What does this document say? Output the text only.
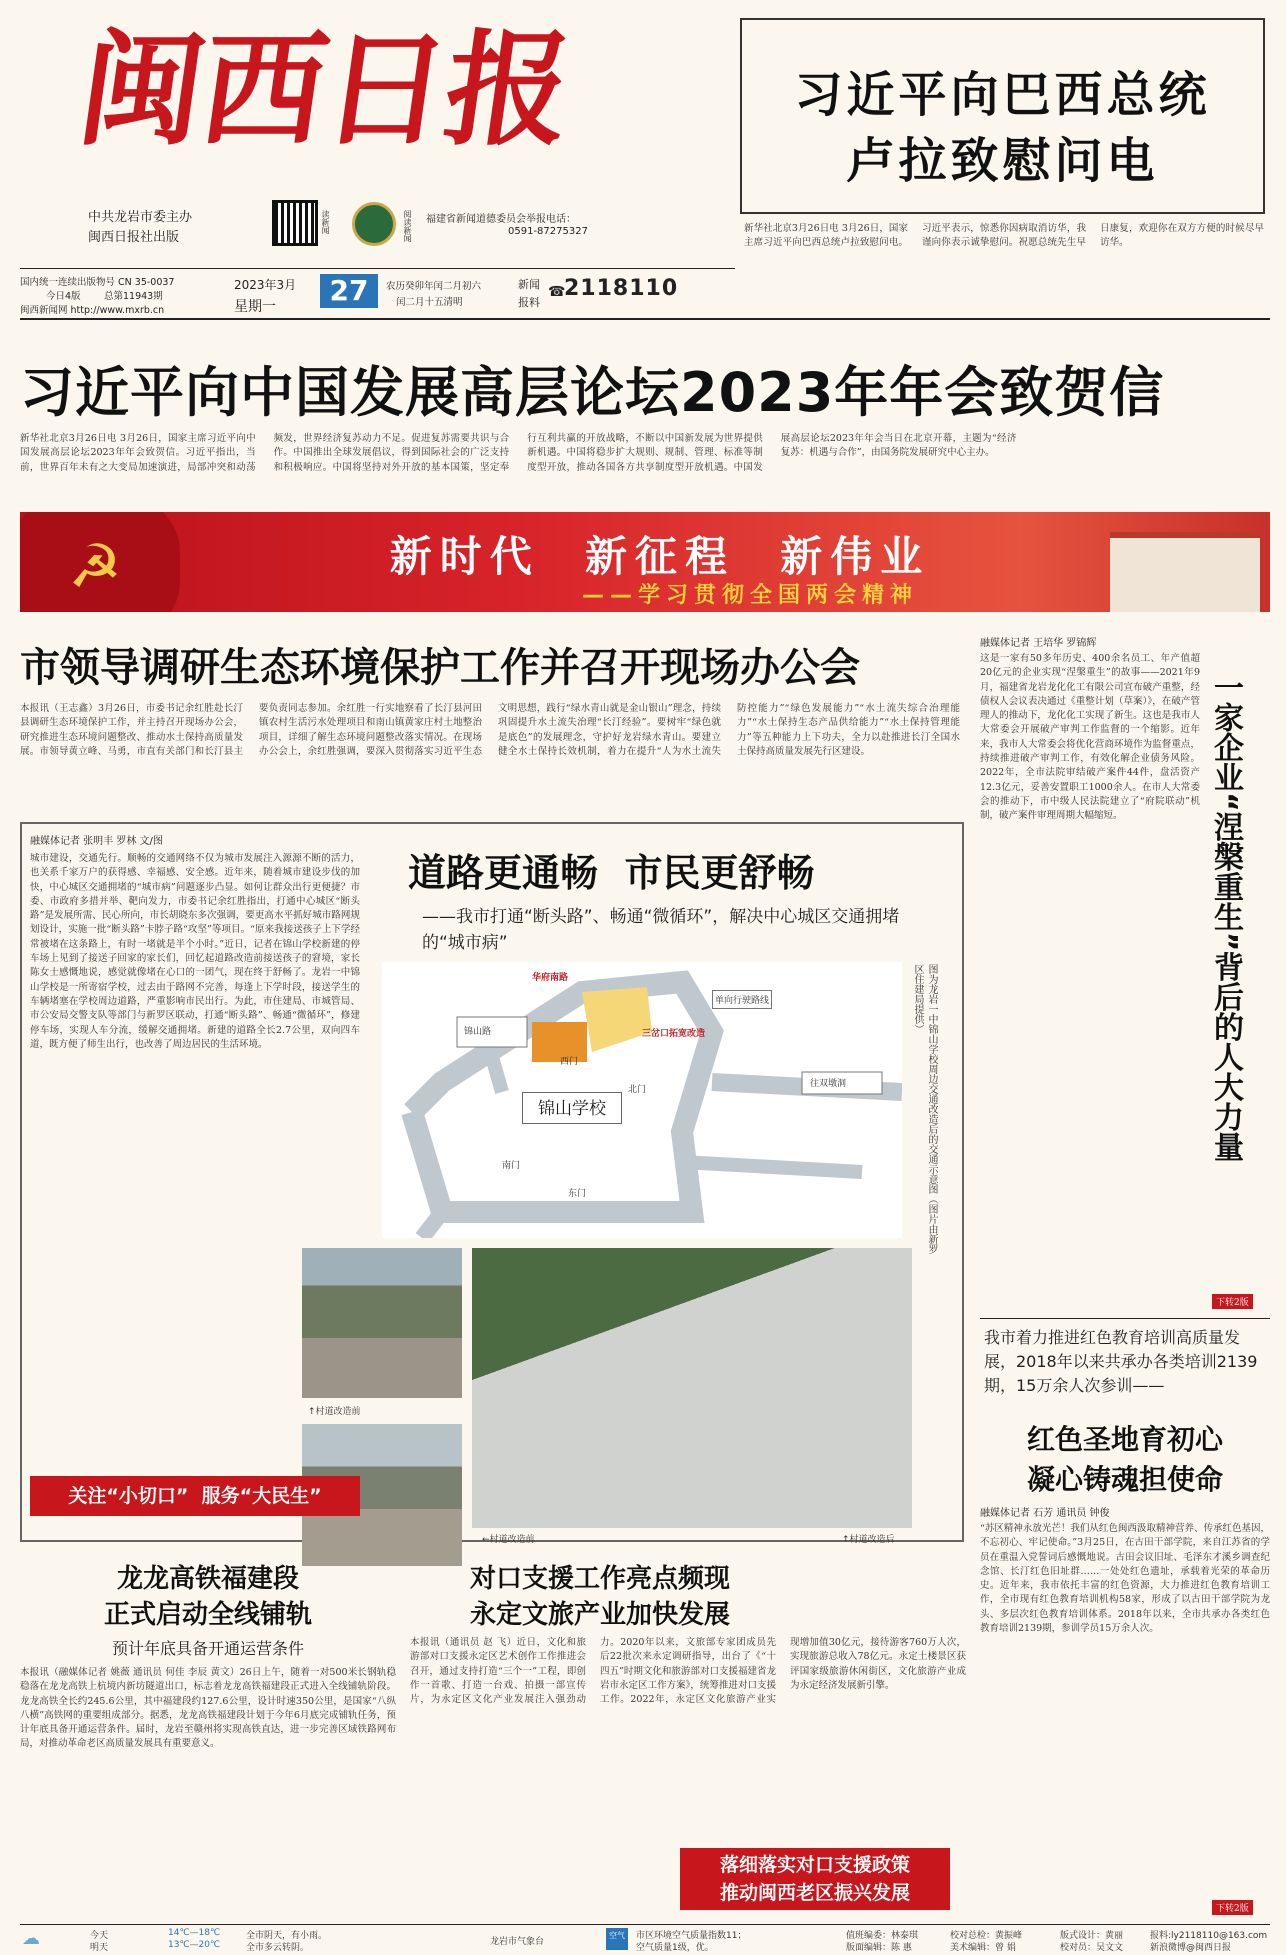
闽西日报
中共龙岩市委主办
闽西日报社出版
读新闻	阅读新闻 福建省新闻道德委员会举报电话：
0591-87275327
国内统一连续出版物号 CN 35-0037
今日4版 总第11943期
闽西新闻网 http://www.mxrb.cn
2023年3月
星期一	27	农历癸卯年闰二月初六
闰二月十五清明
新闻
报料
☎
2118110
习近平向巴西总统
卢拉致慰问电
新华社北京3月26日电 3月26日，国家主席习近平向巴西总统卢拉致慰问电。习近平表示，惊悉你因病取消访华，我谨向你表示诚挚慰问。祝愿总统先生早日康复，欢迎你在双方方便的时候尽早访华。
习近平向中国发展高层论坛2023年年会致贺信
新华社北京3月26日电 3月26日，国家主席习近平向中国发展高层论坛2023年年会致贺信。习近平指出，当前，世界百年未有之大变局加速演进，局部冲突和动荡频发，世界经济复苏动力不足。促进复苏需要共识与合作。中国推出全球发展倡议，得到国际社会的广泛支持和积极响应。中国将坚持对外开放的基本国策，坚定奉行互利共赢的开放战略，不断以中国新发展为世界提供新机遇。中国将稳步扩大规则、规制、管理、标准等制度型开放，推动各国各方共享制度型开放机遇。中国发展高层论坛2023年年会当日在北京开幕，主题为“经济复苏：机遇与合作”，由国务院发展研究中心主办。
☭	新时代  新征程  新伟业
——学习贯彻全国两会精神
市领导调研生态环境保护工作并召开现场办公会
本报讯（王志鑫）3月26日，市委书记余红胜赴长汀县调研生态环境保护工作，并主持召开现场办公会，研究推进生态环境问题整改、推动水土保持高质量发展。市领导黄立峰、马勇，市直有关部门和长汀县主要负责同志参加。余红胜一行实地察看了长汀县河田镇农村生活污水处理项目和南山镇黄家庄村土地整治项目，详细了解生态环境问题整改落实情况。在现场办公会上，余红胜强调，要深入贯彻落实习近平生态文明思想，践行“绿水青山就是金山银山”理念，持续巩固提升水土流失治理“长汀经验”。要树牢“绿色就是底色”的发展理念，守护好龙岩绿水青山。要建立健全水土保持长效机制，着力在提升“人为水土流失防控能力”“绿色发展能力”“水土流失综合治理能力”“水土保持生态产品供给能力”“水土保持管理能力”等五种能力上下功夫，全力以赴推进长汀全国水土保持高质量发展先行区建设。
融媒体记者 张明丰 罗林 文/图
城市建设，交通先行。顺畅的交通网络不仅为城市发展注入源源不断的活力，也关系千家万户的获得感、幸福感、安全感。近年来，随着城市建设步伐的加快，中心城区交通拥堵的“城市病”问题逐步凸显。如何让群众出行更便捷？市委、市政府多措并举、靶向发力，市委书记余红胜指出，打通中心城区“断头路”是发展所需、民心所向，市长胡晓东多次强调，要更高水平抓好城市路网规划设计，实施一批“断头路”卡脖子路“攻坚”等项目。“原来我接送孩子上下学经常被堵在这条路上，有时一堵就是半个小时。”近日，记者在锦山学校新建的停车场上见到了接送子回家的家长们，回忆起道路改造前接送孩子的窘境，家长陈女士感慨地说，感觉就像堵在心口的一团气，现在终于舒畅了。龙岩一中锦山学校是一所寄宿学校，过去由于路网不完善，每逢上下学时段，接送学生的车辆堵塞在学校周边道路，严重影响市民出行。为此，市住建局、市城管局、市公安局交警支队等部门与新罗区联动，打通“断头路”、畅通“微循环”，修建停车场，实现人车分流，缓解交通拥堵。新建的道路全长2.7公里，双向四车道，既方便了师生出行，也改善了周边居民的生活环境。
道路更通畅  市民更舒畅
——我市打通“断头路”、畅通“微循环”，解决中心城区交通拥堵的“城市病”
锦山学校
西门
北门
东门
南门
华府南路
锦山路
往双墩洞
单向行驶路线
三岔口拓宽改造	图为龙岩一中锦山学校周边交通改造后的交通示意图（图片由新罗区住建局提供）
↑村道改造前
←村道改造前	↑村道改造后
关注“小切口”  服务“大民生”
融媒体记者 王培华 罗锦辉
这是一家有50多年历史、400余名员工、年产值超20亿元的企业实现“涅槃重生”的故事——2021年9月，福建省龙岩龙化化工有限公司宣布破产重整，经债权人会议表决通过《重整计划（草案）》，在破产管理人的推动下，龙化化工实现了新生。这也是我市人大常委会开展破产审判工作监督的一个缩影。近年来，我市人大常委会将优化营商环境作为监督重点，持续推进破产审判工作，有效化解企业债务风险。2022年，全市法院审结破产案件44件，盘活资产12.3亿元，妥善安置职工1000余人。在市人大常委会的推动下，市中级人民法院建立了“府院联动”机制，破产案件审理周期大幅缩短。	一家企业“涅槃重生”背后的人大力量
下转2版
我市着力推进红色教育培训高质量发展，2018年以来共承办各类培训2139期，15万余人次参训——
红色圣地育初心
凝心铸魂担使命
融媒体记者 石芳 通讯员 钟俊
“苏区精神永放光芒！我们从红色闽西汲取精神营养、传承红色基因，不忘初心、牢记使命。”3月25日，在古田干部学院，来自江苏省的学员在重温入党誓词后感慨地说。古田会议旧址、毛泽东才溪乡调查纪念馆、长汀红色旧址群……一处处红色遗址，承载着光荣的革命历史。近年来，我市依托丰富的红色资源，大力推进红色教育培训工作，全市现有红色教育培训机构58家，形成了以古田干部学院为龙头、多层次红色教育培训体系。2018年以来，全市共承办各类红色教育培训2139期，参训学员15万余人次。
下转2版
龙龙高铁福建段
正式启动全线铺轨
预计年底具备开通运营条件
本报讯（融媒体记者 姚薇 通讯员 何佳 李辰 黄文）26日上午，随着一对500米长钢轨稳稳落在龙龙高铁上杭境内新坊隧道出口，标志着龙龙高铁福建段正式进入全线铺轨阶段。龙龙高铁全长约245.6公里，其中福建段约127.6公里，设计时速350公里，是国家“八纵八横”高铁网的重要组成部分。据悉，龙龙高铁福建段计划于今年6月底完成铺轨任务，预计年底具备开通运营条件。届时，龙岩至赣州将实现高铁直达，进一步完善区域铁路网布局，对推动革命老区高质量发展具有重要意义。
对口支援工作亮点频现
永定文旅产业加快发展
本报讯（通讯员 赵 飞）近日，文化和旅游部对口支援永定区艺术创作工作推进会召开，通过支持打造“三个一”工程，即创作一首歌、打造一台戏、拍摄一部宣传片，为永定区文化产业发展注入强劲动力。2020年以来，文旅部专家团成员先后22批次来永定调研指导，出台了《“十四五”时期文化和旅游部对口支援福建省龙岩市永定区工作方案》，统筹推进对口支援工作。2022年，永定区文化旅游产业实现增加值30亿元，接待游客760万人次，实现旅游总收入78亿元。永定土楼景区获评国家级旅游休闲街区，文化旅游产业成为永定经济发展新引擎。
落细落实对口支援政策
推动闽西老区振兴发展
☁	今天
明天
14℃—18℃
13℃—20℃
全市阴天，有小雨。
全市多云转阴。
龙岩市气象台
空气	市区环境空气质量指数11；
空气质量1级，优。
值班编委：林泰琪
版面编辑：陈 惠
校对总检：黄振峰
美术编辑：曾 娟
版式设计：黄丽
校对员：吴文文
报料:ly2118110@163.com
新浪微博@闽西日报
